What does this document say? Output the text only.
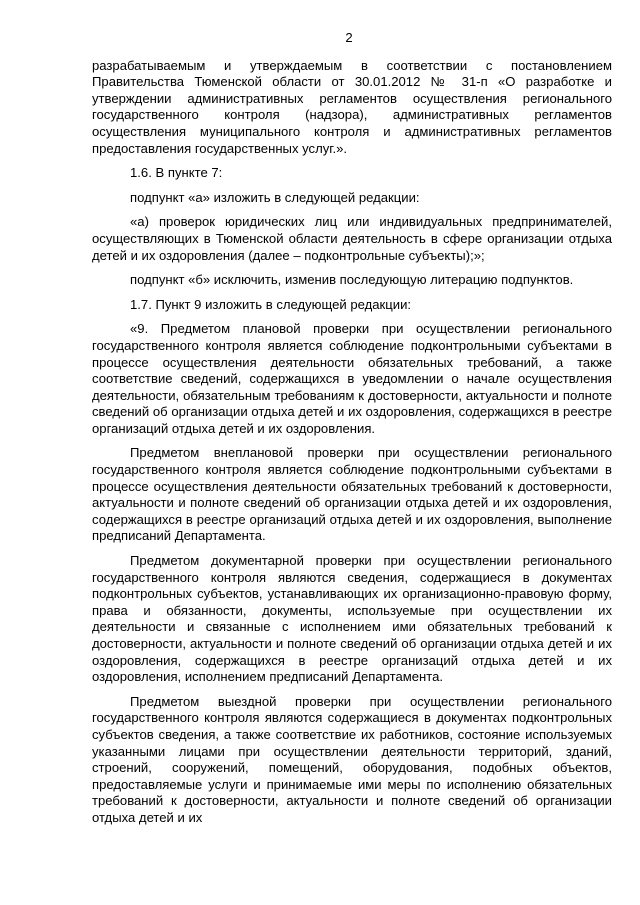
2

разрабатываемым и утверждаемым в соответствии с постановлением Правительства Тюменской области от 30.01.2012 № 31-п «О разработке и утверждении административных регламентов осуществления регионального государственного контроля (надзора), административных регламентов осуществления муниципального контроля и административных регламентов предоставления государственных услуг.».

1.6. В пункте 7:

подпункт «а» изложить в следующей редакции:

«а) проверок юридических лиц или индивидуальных предпринимателей, осуществляющих в Тюменской области деятельность в сфере организации отдыха детей и их оздоровления (далее – подконтрольные субъекты);»;

подпункт «б» исключить, изменив последующую литерацию подпунктов.

1.7. Пункт 9 изложить в следующей редакции:

«9. Предметом плановой проверки при осуществлении регионального государственного контроля является соблюдение подконтрольными субъектами в процессе осуществления деятельности обязательных требований, а также соответствие сведений, содержащихся в уведомлении о начале осуществления деятельности, обязательным требованиям к достоверности, актуальности и полноте сведений об организации отдыха детей и их оздоровления, содержащихся в реестре организаций отдыха детей и их оздоровления.

Предметом внеплановой проверки при осуществлении регионального государственного контроля является соблюдение подконтрольными субъектами в процессе осуществления деятельности обязательных требований к достоверности, актуальности и полноте сведений об организации отдыха детей и их оздоровления, содержащихся в реестре организаций отдыха детей и их оздоровления, выполнение предписаний Департамента.

Предметом документарной проверки при осуществлении регионального государственного контроля являются сведения, содержащиеся в документах подконтрольных субъектов, устанавливающих их организационно-правовую форму, права и обязанности, документы, используемые при осуществлении их деятельности и связанные с исполнением ими обязательных требований к достоверности, актуальности и полноте сведений об организации отдыха детей и их оздоровления, содержащихся в реестре организаций отдыха детей и их оздоровления, исполнением предписаний Департамента.

Предметом выездной проверки при осуществлении регионального государственного контроля являются содержащиеся в документах подконтрольных субъектов сведения, а также соответствие их работников, состояние используемых указанными лицами при осуществлении деятельности территорий, зданий, строений, сооружений, помещений, оборудования, подобных объектов, предоставляемые услуги и принимаемые ими меры по исполнению обязательных требований к достоверности, актуальности и полноте сведений об организации отдыха детей и их
